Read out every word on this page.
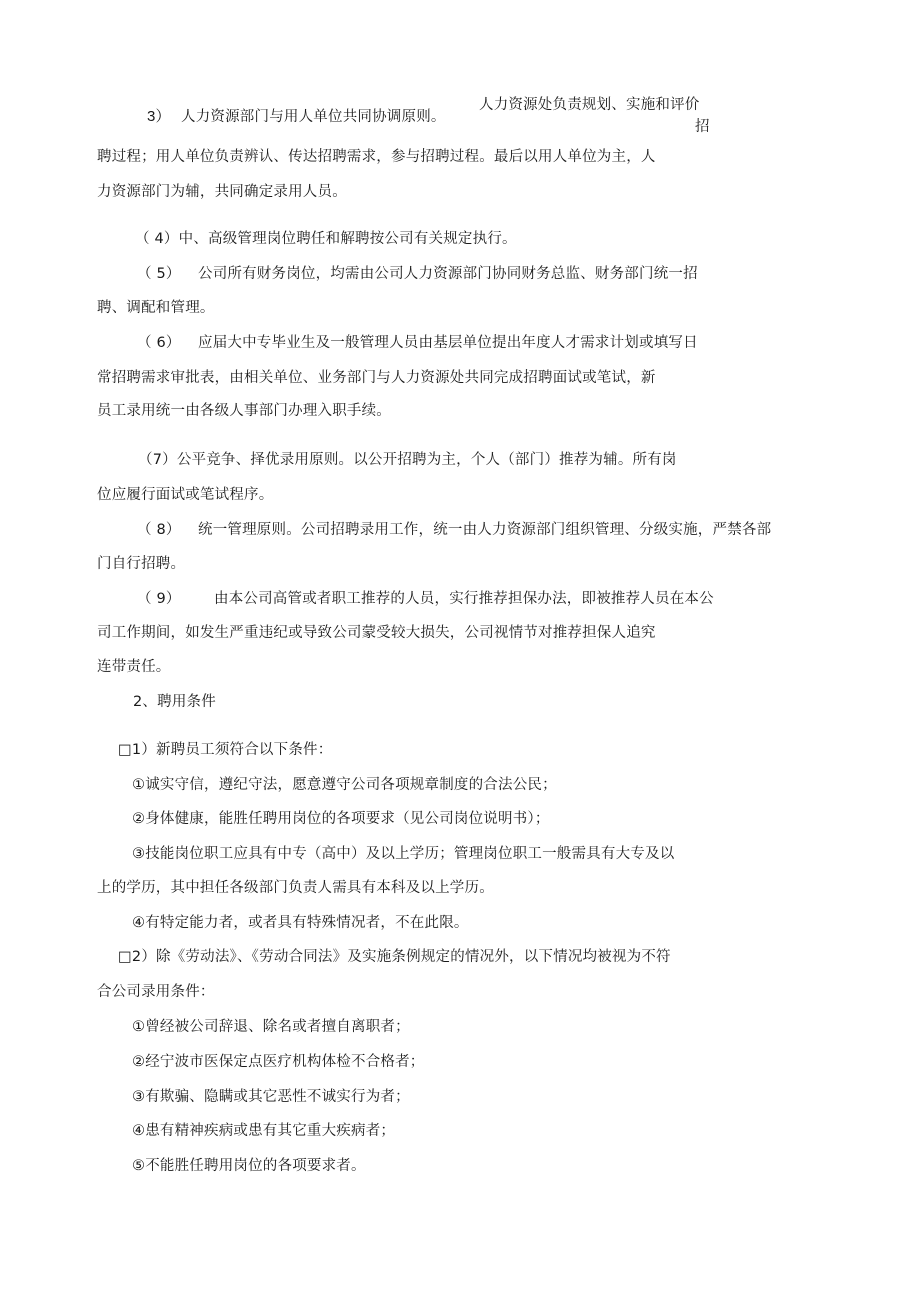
3） 人力资源部门与用人单位共同协调原则。
人力资源处负责规划、实施和评价
招
聘过程；用人单位负责辨认、传达招聘需求，参与招聘过程。最后以用人单位为主，人
力资源部门为辅，共同确定录用人员。
（ 4）中、高级管理岗位聘任和解聘按公司有关规定执行。
（ 5） 公司所有财务岗位，均需由公司人力资源部门协同财务总监、财务部门统一招
聘、调配和管理。
（ 6） 应届大中专毕业生及一般管理人员由基层单位提出年度人才需求计划或填写日
常招聘需求审批表，由相关单位、业务部门与人力资源处共同完成招聘面试或笔试，新
员工录用统一由各级人事部门办理入职手续。
（7）公平竞争、择优录用原则。以公开招聘为主，个人（部门）推荐为辅。所有岗
位应履行面试或笔试程序。
（ 8） 统一管理原则。公司招聘录用工作，统一由人力资源部门组织管理、分级实施，严禁各部
门自行招聘。
（ 9） 由本公司高管或者职工推荐的人员，实行推荐担保办法，即被推荐人员在本公
司工作期间，如发生严重违纪或导致公司蒙受较大损失，公司视情节对推荐担保人追究
连带责任。
2、聘用条件
□1）新聘员工须符合以下条件：
①诚实守信，遵纪守法，愿意遵守公司各项规章制度的合法公民；
②身体健康，能胜任聘用岗位的各项要求（见公司岗位说明书）；
③技能岗位职工应具有中专（高中）及以上学历；管理岗位职工一般需具有大专及以
上的学历，其中担任各级部门负责人需具有本科及以上学历。
④有特定能力者，或者具有特殊情况者，不在此限。
□2）除《劳动法》、《劳动合同法》及实施条例规定的情况外，以下情况均被视为不符
合公司录用条件：
①曾经被公司辞退、除名或者擅自离职者；
②经宁波市医保定点医疗机构体检不合格者；
③有欺骗、隐瞒或其它恶性不诚实行为者；
④患有精神疾病或患有其它重大疾病者；
⑤不能胜任聘用岗位的各项要求者。
